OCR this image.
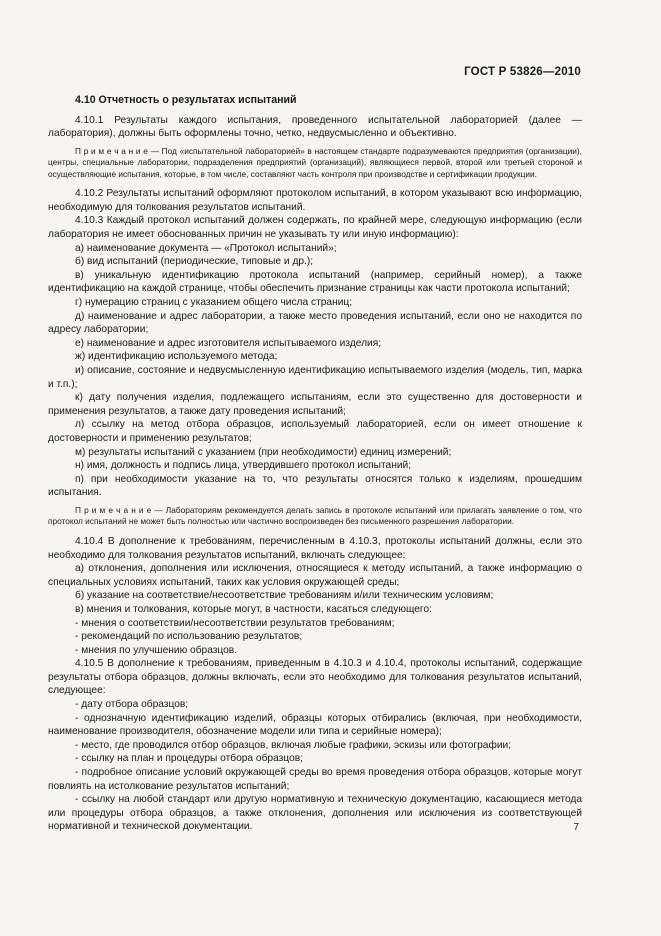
ГОСТ Р 53826—2010

4.10 Отчетность о результатах испытаний

4.10.1 Результаты каждого испытания, проведенного испытательной лабораторией (далее — лаборатория), должны быть оформлены точно, четко, недвусмысленно и объективно.

П р и м е ч а н и е — Под «испытательной лабораторией» в настоящем стандарте подразумеваются предприятия (организации), центры, специальные лаборатории, подразделения предприятий (организаций), являющиеся первой, второй или третьей стороной и осуществляющие испытания, которые, в том числе, составляют часть контроля при производстве и сертификации продукции.

4.10.2 Результаты испытаний оформляют протоколом испытаний, в котором указывают всю информацию, необходимую для толкования результатов испытаний.

4.10.3 Каждый протокол испытаний должен содержать, по крайней мере, следующую информацию (если лаборатория не имеет обоснованных причин не указывать ту или иную информацию):

а) наименование документа — «Протокол испытаний»;

б) вид испытаний (периодические, типовые и др.);

в) уникальную идентификацию протокола испытаний (например, серийный номер), а также идентификацию на каждой странице, чтобы обеспечить признание страницы как части протокола испытаний;

г) нумерацию страниц с указанием общего числа страниц;

д) наименование и адрес лаборатории, а также место проведения испытаний, если оно не находится по адресу лаборатории;

е) наименование и адрес изготовителя испытываемого изделия;

ж) идентификацию используемого метода;

и) описание, состояние и недвусмысленную идентификацию испытываемого изделия (модель, тип, марка и т.п.);

к) дату получения изделия, подлежащего испытаниям, если это существенно для достоверности и применения результатов, а также дату проведения испытаний;

л) ссылку на метод отбора образцов, используемый лабораторией, если он имеет отношение к достоверности и применению результатов;

м) результаты испытаний с указанием (при необходимости) единиц измерений;

н) имя, должность и подпись лица, утвердившего протокол испытаний;

п) при необходимости указание на то, что результаты относятся только к изделиям, прошедшим испытания.

П р и м е ч а н и е — Лабораториям рекомендуется делать запись в протоколе испытаний или прилагать заявление о том, что протокол испытаний не может быть полностью или частично воспроизведен без письменного разрешения лаборатории.

4.10.4 В дополнение к требованиям, перечисленным в 4.10.3, протоколы испытаний должны, если это необходимо для толкования результатов испытаний, включать следующее:

а) отклонения, дополнения или исключения, относящиеся к методу испытаний, а также информацию о специальных условиях испытаний, таких как условия окружающей среды;

б) указание на соответствие/несоответствие требованиям и/или техническим условиям;

в) мнения и толкования, которые могут, в частности, касаться следующего:

- мнения о соответствии/несоответствии результатов требованиям;

- рекомендаций по использованию результатов;

- мнения по улучшению образцов.

4.10.5 В дополнение к требованиям, приведенным в 4.10.3 и 4.10.4, протоколы испытаний, содержащие результаты отбора образцов, должны включать, если это необходимо для толкования результатов испытаний, следующее:

- дату отбора образцов;

- однозначную идентификацию изделий, образцы которых отбирались (включая, при необходимости, наименование производителя, обозначение модели или типа и серийные номера);

- место, где проводился отбор образцов, включая любые графики, эскизы или фотографии;

- ссылку на план и процедуры отбора образцов;

- подробное описание условий окружающей среды во время проведения отбора образцов, которые могут повлиять на истолкование результатов испытаний;

- ссылку на любой стандарт или другую нормативную и техническую документацию, касающиеся метода или процедуры отбора образцов, а также отклонения, дополнения или исключения из соответствующей нормативной и технической документации.	7
